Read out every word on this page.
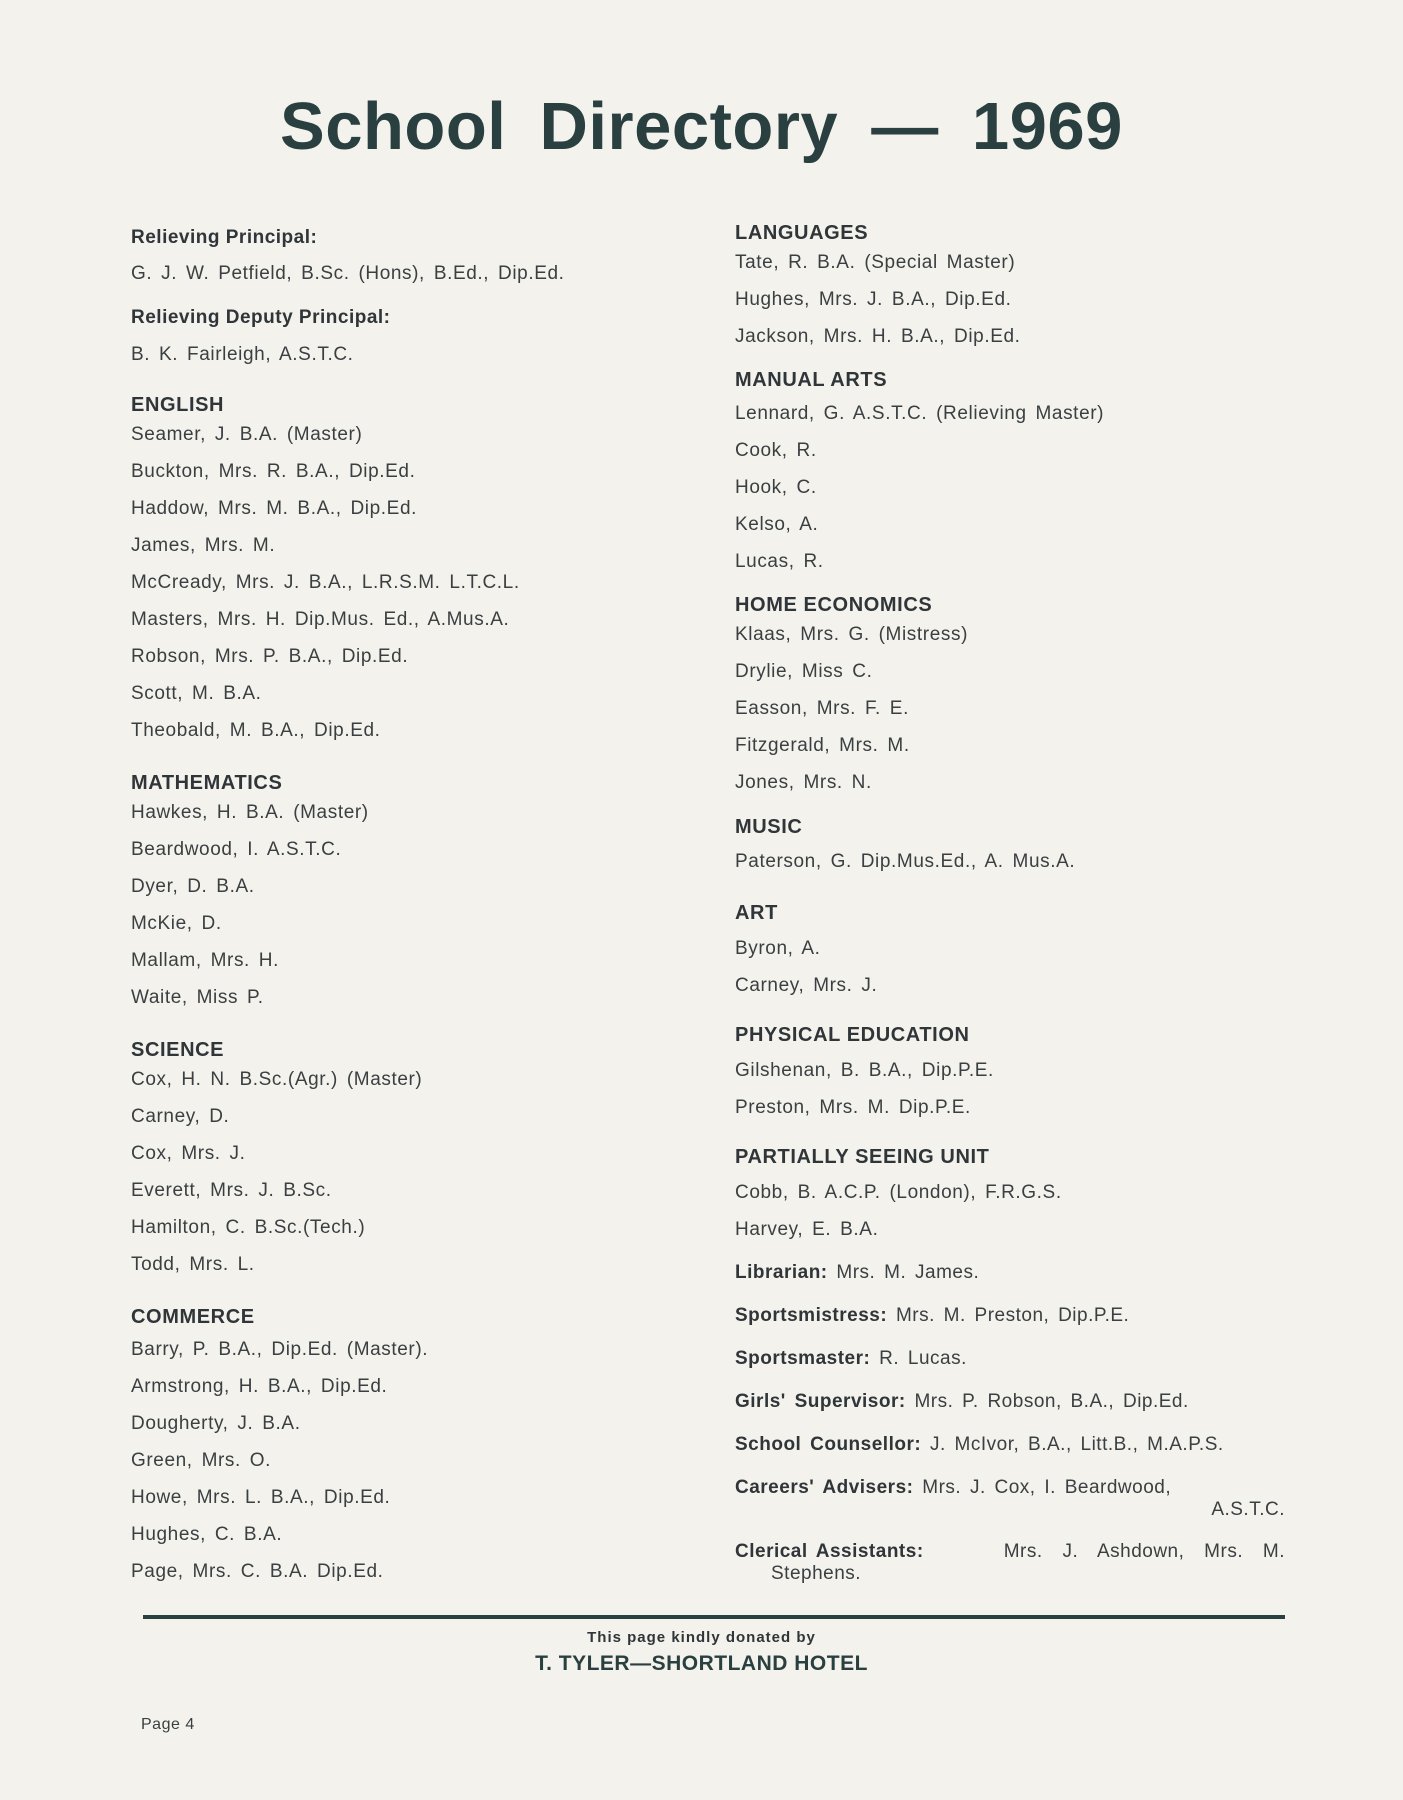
School Directory — 1969
Relieving Principal:
G. J. W. Petfield, B.Sc. (Hons), B.Ed., Dip.Ed.
Relieving Deputy Principal:
B. K. Fairleigh, A.S.T.C.
ENGLISH
Seamer, J. B.A. (Master)
Buckton, Mrs. R. B.A., Dip.Ed.
Haddow, Mrs. M. B.A., Dip.Ed.
James, Mrs. M.
McCready, Mrs. J. B.A., L.R.S.M. L.T.C.L.
Masters, Mrs. H. Dip.Mus. Ed., A.Mus.A.
Robson, Mrs. P. B.A., Dip.Ed.
Scott, M. B.A.
Theobald, M. B.A., Dip.Ed.
MATHEMATICS
Hawkes, H. B.A. (Master)
Beardwood, I. A.S.T.C.
Dyer, D. B.A.
McKie, D.
Mallam, Mrs. H.
Waite, Miss P.
SCIENCE
Cox, H. N. B.Sc.(Agr.) (Master)
Carney, D.
Cox, Mrs. J.
Everett, Mrs. J. B.Sc.
Hamilton, C. B.Sc.(Tech.)
Todd, Mrs. L.
COMMERCE
Barry, P. B.A., Dip.Ed. (Master).
Armstrong, H. B.A., Dip.Ed.
Dougherty, J. B.A.
Green, Mrs. O.
Howe, Mrs. L. B.A., Dip.Ed.
Hughes, C. B.A.
Page, Mrs. C. B.A. Dip.Ed.
LANGUAGES
Tate, R. B.A. (Special Master)
Hughes, Mrs. J. B.A., Dip.Ed.
Jackson, Mrs. H. B.A., Dip.Ed.
MANUAL ARTS
Lennard, G. A.S.T.C. (Relieving Master)
Cook, R.
Hook, C.
Kelso, A.
Lucas, R.
HOME ECONOMICS
Klaas, Mrs. G. (Mistress)
Drylie, Miss C.
Easson, Mrs. F. E.
Fitzgerald, Mrs. M.
Jones, Mrs. N.
MUSIC
Paterson, G. Dip.Mus.Ed., A. Mus.A.
ART
Byron, A.
Carney, Mrs. J.
PHYSICAL EDUCATION
Gilshenan, B. B.A., Dip.P.E.
Preston, Mrs. M. Dip.P.E.
PARTIALLY SEEING UNIT
Cobb, B. A.C.P. (London), F.R.G.S.
Harvey, E. B.A.
Librarian: Mrs. M. James.
Sportsmistress: Mrs. M. Preston, Dip.P.E.
Sportsmaster: R. Lucas.
Girls' Supervisor: Mrs. P. Robson, B.A., Dip.Ed.
School Counsellor: J. McIvor, B.A., Litt.B., M.A.P.S.
Careers' Advisers: Mrs. J. Cox, I. Beardwood,
A.S.T.C.
Clerical Assistants:	Mrs. J. Ashdown, Mrs. M.
Stephens.
This page kindly donated by
T. TYLER—SHORTLAND HOTEL
Page 4
